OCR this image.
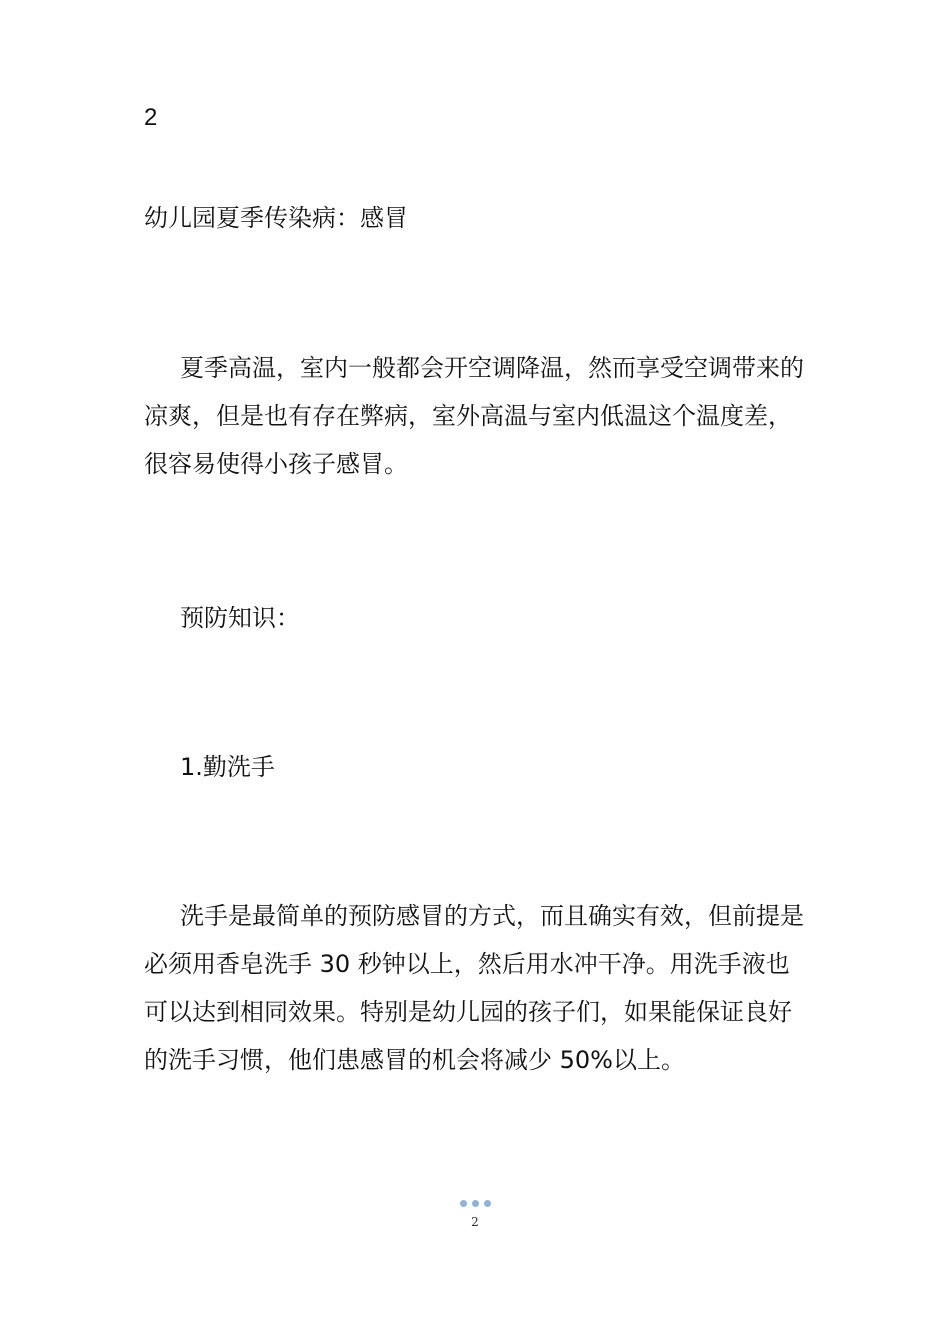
2

幼儿园夏季传染病：感冒

夏季高温，室内一般都会开空调降温，然而享受空调带来的凉爽，但是也有存在弊病，室外高温与室内低温这个温度差，很容易使得小孩子感冒。

预防知识：

1.勤洗手

洗手是最简单的预防感冒的方式，而且确实有效，但前提是必须用香皂洗手 30 秒钟以上，然后用水冲干净。用洗手液也可以达到相同效果。特别是幼儿园的孩子们，如果能保证良好的洗手习惯，他们患感冒的机会将减少 50%以上。

2
